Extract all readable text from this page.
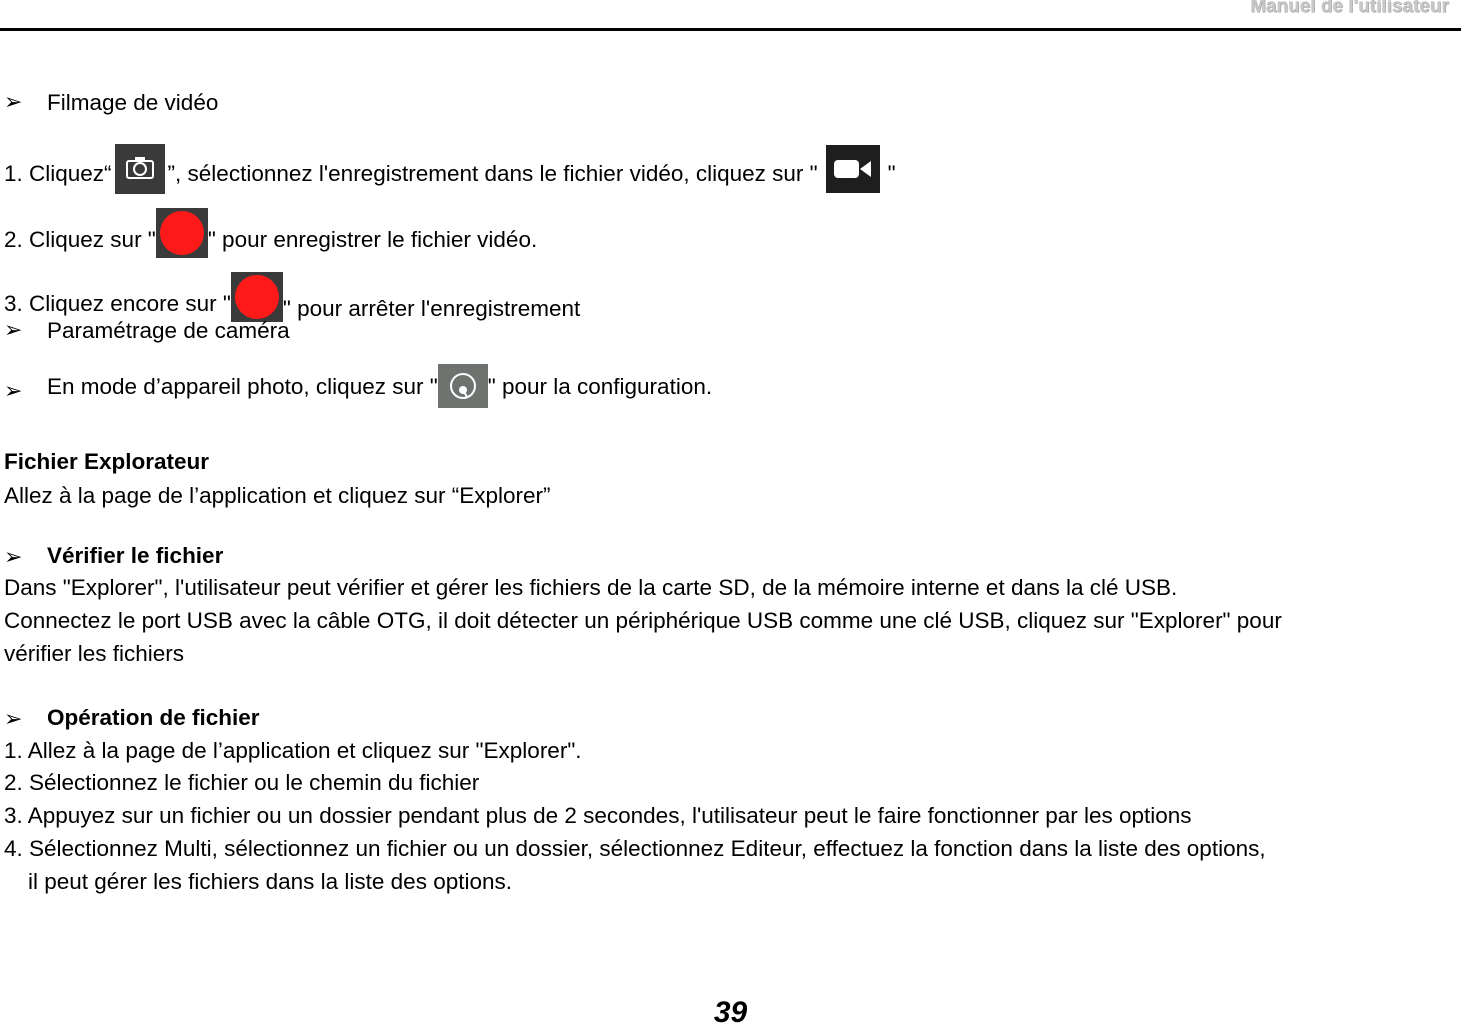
Manuel de l'utilisateur
➢ Filmage de vidéo
1. Cliquez“ ”, sélectionnez l'enregistrement dans le fichier vidéo, cliquez sur "	"
2. Cliquez sur " " pour enregistrer le fichier vidéo.
3. Cliquez encore sur " " pour arrêter l'enregistrement
➢ Paramétrage de caméra
➢ En mode d’appareil photo, cliquez sur " " pour la configuration.
Fichier Explorateur
Allez à la page de l’application et cliquez sur “Explorer”
➢ Vérifier le fichier
Dans "Explorer", l'utilisateur peut vérifier et gérer les fichiers de la carte SD, de la mémoire interne et dans la clé USB.
Connectez le port USB avec la câble OTG, il doit détecter un périphérique USB comme une clé USB, cliquez sur "Explorer" pour
vérifier les fichiers
➢ Opération de fichier
1. Allez à la page de l’application et cliquez sur "Explorer".
2. Sélectionnez le fichier ou le chemin du fichier
3. Appuyez sur un fichier ou un dossier pendant plus de 2 secondes, l'utilisateur peut le faire fonctionner par les options
4. Sélectionnez Multi, sélectionnez un fichier ou un dossier, sélectionnez Editeur, effectuez la fonction dans la liste des options,
il peut gérer les fichiers dans la liste des options.
39
